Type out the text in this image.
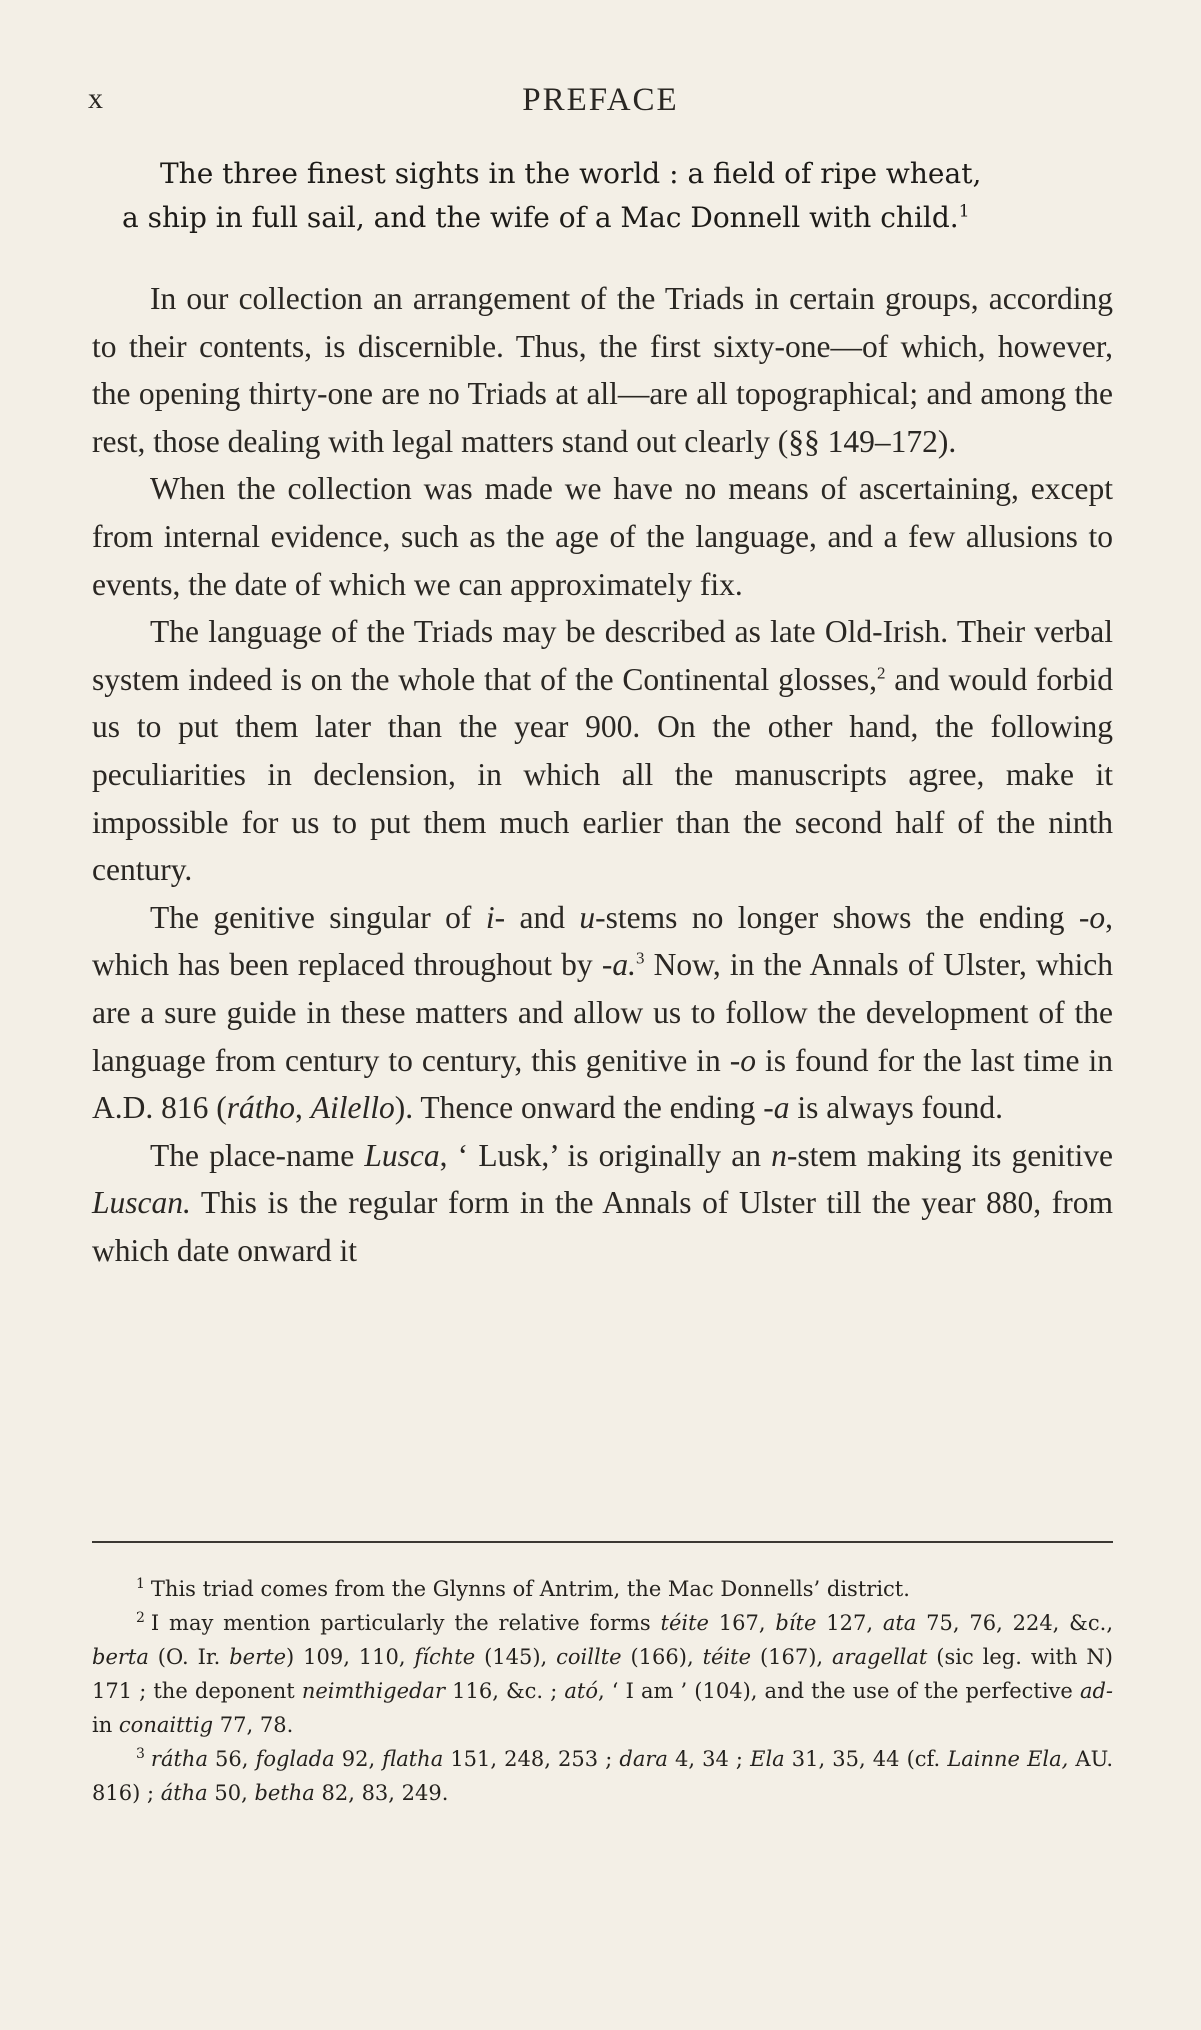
x	PREFACE
The three finest sights in the world : a field of ripe wheat,
a ship in full sail, and the wife of a Mac Donnell with child.$^1$

In our collection an arrangement of the Triads in certain groups, according to their contents, is discernible. Thus, the first sixty-one—of which, however, the opening thirty-one are no Triads at all—are all topographical; and among the rest, those dealing with legal matters stand out clearly (§§ 149–172).

When the collection was made we have no means of ascertaining, except from internal evidence, such as the age of the language, and a few allusions to events, the date of which we can approximately fix.

The language of the Triads may be described as late Old-Irish. Their verbal system indeed is on the whole that of the Continental glosses,$^2$ and would forbid us to put them later than the year 900. On the other hand, the following peculiarities in declension, in which all the manuscripts agree, make it impossible for us to put them much earlier than the second half of the ninth century.

The genitive singular of i- and u-stems no longer shows the ending -o, which has been replaced throughout by -a.$^3$ Now, in the Annals of Ulster, which are a sure guide in these matters and allow us to follow the development of the language from century to century, this genitive in -o is found for the last time in A.D. 816 (rátho, Ailello). Thence onward the ending -a is always found.

The place-name Lusca, ‘ Lusk,’ is originally an n-stem making its genitive Luscan. This is the regular form in the Annals of Ulster till the year 880, from which date onward it

$^1$ This triad comes from the Glynns of Antrim, the Mac Donnells’ district.

$^2$ I may mention particularly the relative forms téite 167, bíte 127, ata 75, 76, 224, &c., berta (O. Ir. berte) 109, 110, fíchte (145), coillte (166), téite (167), aragellat (sic leg. with N) 171 ; the deponent neimthigedar 116, &c. ; ató, ‘ I am ’ (104), and the use of the perfective ad- in conaittig 77, 78.

$^3$ rátha 56, foglada 92, flatha 151, 248, 253 ; dara 4, 34 ; Ela 31, 35, 44 (cf. Lainne Ela, AU. 816) ; átha 50, betha 82, 83, 249.
